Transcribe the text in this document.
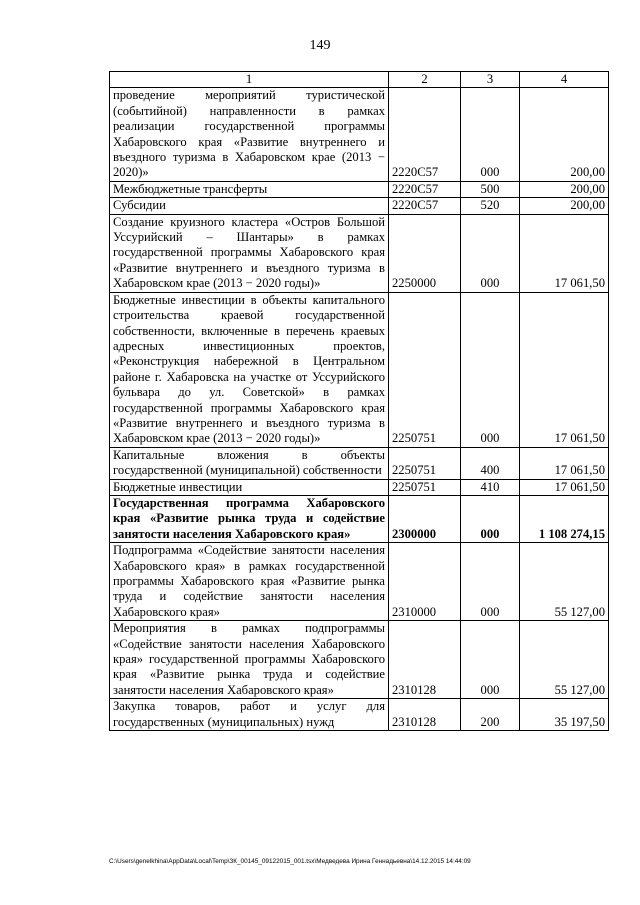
149
1	2	3	4
проведение мероприятий туристической (событийной) направленности в рамках реализации государственной программы Хабаровского края «Развитие внутреннего и въездного туризма в Хабаровском крае (2013 − 2020)»	2220С57	000	200,00
Межбюджетные трансферты	2220С57	500	200,00
Субсидии	2220С57	520	200,00
Создание круизного кластера «Остров Большой Уссурийский – Шантары» в рамках государственной программы Хабаровского края «Развитие внутреннего и въездного туризма в Хабаровском крае (2013 − 2020 годы)»	2250000	000	17 061,50
Бюджетные инвестиции в объекты капитального строительства краевой государственной собственности, включенные в перечень краевых адресных инвестиционных проектов, «Реконструкция набережной в Центральном районе г. Хабаровска на участке от Уссурийского бульвара до ул. Советской» в рамках государственной программы Хабаровского края «Развитие внутреннего и въездного туризма в Хабаровском крае (2013 − 2020 годы)»	2250751	000	17 061,50
Капитальные вложения в объекты государственной (муниципальной) собственности	2250751	400	17 061,50
Бюджетные инвестиции	2250751	410	17 061,50
Государственная программа Хабаровского края «Развитие рынка труда и содействие занятости населения Хабаровского края»	2300000	000	1 108 274,15
Подпрограмма «Содействие занятости населения Хабаровского края» в рамках государственной программы Хабаровского края «Развитие рынка труда и содействие занятости населения Хабаровского края»	2310000	000	55 127,00
Мероприятия в рамках подпрограммы «Содействие занятости населения Хабаровского края» государственной программы Хабаровского края «Развитие рынка труда и содействие занятости населения Хабаровского края»	2310128	000	55 127,00
Закупка товаров, работ и услуг для государственных (муниципальных) нужд	2310128	200	35 197,50
C:\Users\genelkhina\AppData\Local\Temp\ЗК_00145_09122015_001.tsx\Медведева Ирина Геннадьевна\14.12.2015 14:44:09
